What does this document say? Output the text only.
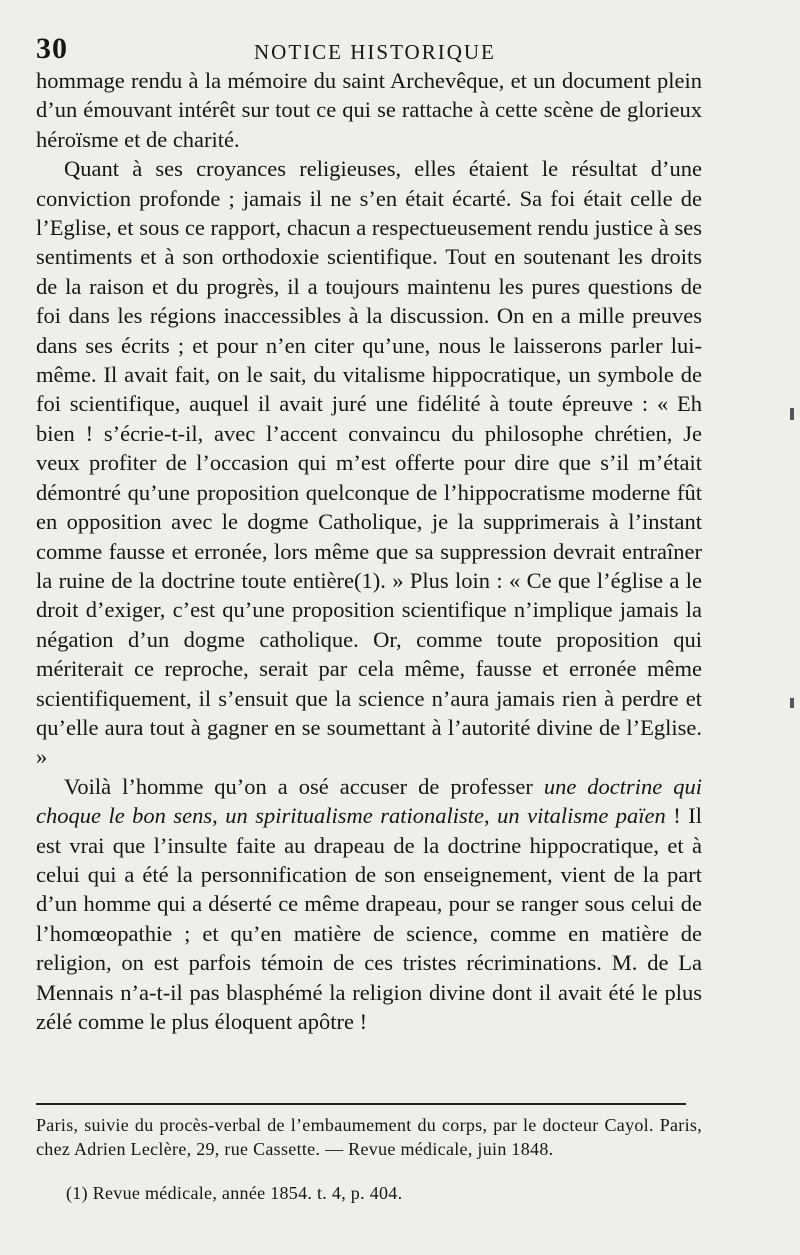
30	NOTICE HISTORIQUE

hommage rendu à la mémoire du saint Archevêque, et un document plein d’un émouvant intérêt sur tout ce qui se rattache à cette scène de glorieux héroïsme et de charité.

Quant à ses croyances religieuses, elles étaient le résultat d’une conviction profonde ; jamais il ne s’en était écarté. Sa foi était celle de l’Eglise, et sous ce rapport, chacun a respectueusement rendu justice à ses sentiments et à son orthodoxie scientifique. Tout en soutenant les droits de la raison et du progrès, il a toujours maintenu les pures questions de foi dans les régions inaccessibles à la discussion. On en a mille preuves dans ses écrits ; et pour n’en citer qu’une, nous le laisserons parler lui-même. Il avait fait, on le sait, du vitalisme hippocratique, un symbole de foi scientifique, auquel il avait juré une fidélité à toute épreuve : « Eh bien ! s’écrie-t-il, avec l’accent convaincu du philosophe chrétien, Je veux profiter de l’occasion qui m’est offerte pour dire que s’il m’était démontré qu’une proposition quelconque de l’hippocratisme moderne fût en opposition avec le dogme Catholique, je la supprimerais à l’instant comme fausse et erronée, lors même que sa suppression devrait entraîner la ruine de la doctrine toute entière(1). » Plus loin : « Ce que l’église a le droit d’exiger, c’est qu’une proposition scientifique n’implique jamais la négation d’un dogme catholique. Or, comme toute proposition qui mériterait ce reproche, serait par cela même, fausse et erronée même scientifiquement, il s’ensuit que la science n’aura jamais rien à perdre et qu’elle aura tout à gagner en se soumettant à l’autorité divine de l’Eglise. »

Voilà l’homme qu’on a osé accuser de professer une doctrine qui choque le bon sens, un spiritualisme rationaliste, un vitalisme païen ! Il est vrai que l’insulte faite au drapeau de la doctrine hippocratique, et à celui qui a été la personnification de son enseignement, vient de la part d’un homme qui a déserté ce même drapeau, pour se ranger sous celui de l’homœopathie ; et qu’en matière de science, comme en matière de religion, on est parfois témoin de ces tristes récriminations. M. de La Mennais n’a-t-il pas blasphémé la religion divine dont il avait été le plus zélé comme le plus éloquent apôtre !

Paris, suivie du procès-verbal de l’embaumement du corps, par le docteur Cayol. Paris, chez Adrien Leclère, 29, rue Cassette. — Revue médicale, juin 1848.

(1) Revue médicale, année 1854. t. 4, p. 404.
